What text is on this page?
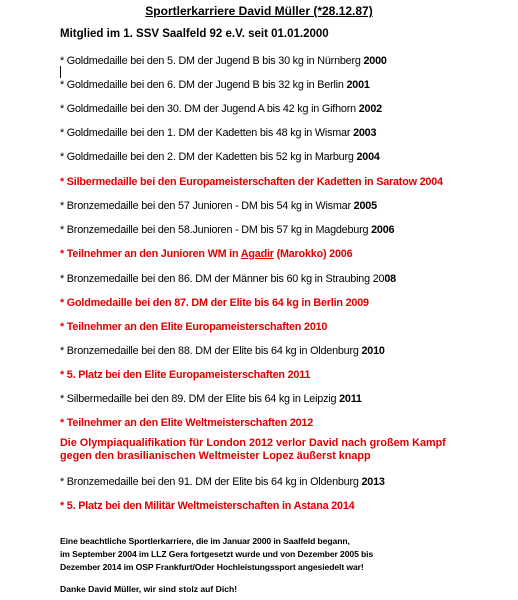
Sportlerkarriere David Müller (*28.12.87)
Mitglied im 1. SSV Saalfeld 92 e.V. seit 01.01.2000
* Goldmedaille bei den 5. DM der Jugend B bis 30 kg in Nürnberg 2000
* Goldmedaille bei den 6. DM der Jugend B bis 32 kg in Berlin 2001
* Goldmedaille bei den 30. DM der Jugend A bis 42 kg in Gifhorn 2002
* Goldmedaille bei den 1. DM der Kadetten bis 48 kg in Wismar 2003
* Goldmedaille bei den 2. DM der Kadetten bis 52 kg in Marburg 2004
* Silbermedaille bei den Europameisterschaften der Kadetten in Saratow 2004
* Bronzemedaille bei den 57 Junioren - DM bis 54 kg in Wismar 2005
* Bronzemedaille bei den 58.Junioren - DM bis 57 kg in Magdeburg 2006
* Teilnehmer an den Junioren WM in Agadir (Marokko) 2006
* Bronzemedaille bei den 86. DM der Männer bis 60 kg in Straubing 2008
* Goldmedaille bei den 87. DM der Elite bis 64 kg in Berlin 2009
* Teilnehmer an den Elite Europameisterschaften 2010
* Bronzemedaille bei den 88. DM der Elite bis 64 kg in Oldenburg 2010
* 5. Platz bei den Elite Europameisterschaften 2011
* Silbermedaille bei den 89. DM der Elite bis 64 kg in Leipzig 2011
* Teilnehmer an den Elite Weltmeisterschaften 2012
Die Olympiaqualifikation für London 2012 verlor David nach großem Kampf
gegen den brasilianischen Weltmeister Lopez äußerst knapp
* Bronzemedaille bei den 91. DM der Elite bis 64 kg in Oldenburg 2013
* 5. Platz bei den Militär Weltmeisterschaften in Astana 2014
Eine beachtliche Sportlerkarriere, die im Januar 2000 in Saalfeld begann,
im September 2004 im LLZ Gera fortgesetzt wurde und von Dezember 2005 bis
Dezember 2014 im OSP Frankfurt/Oder Hochleistungssport angesiedelt war!
Danke David Müller, wir sind stolz auf Dich!
